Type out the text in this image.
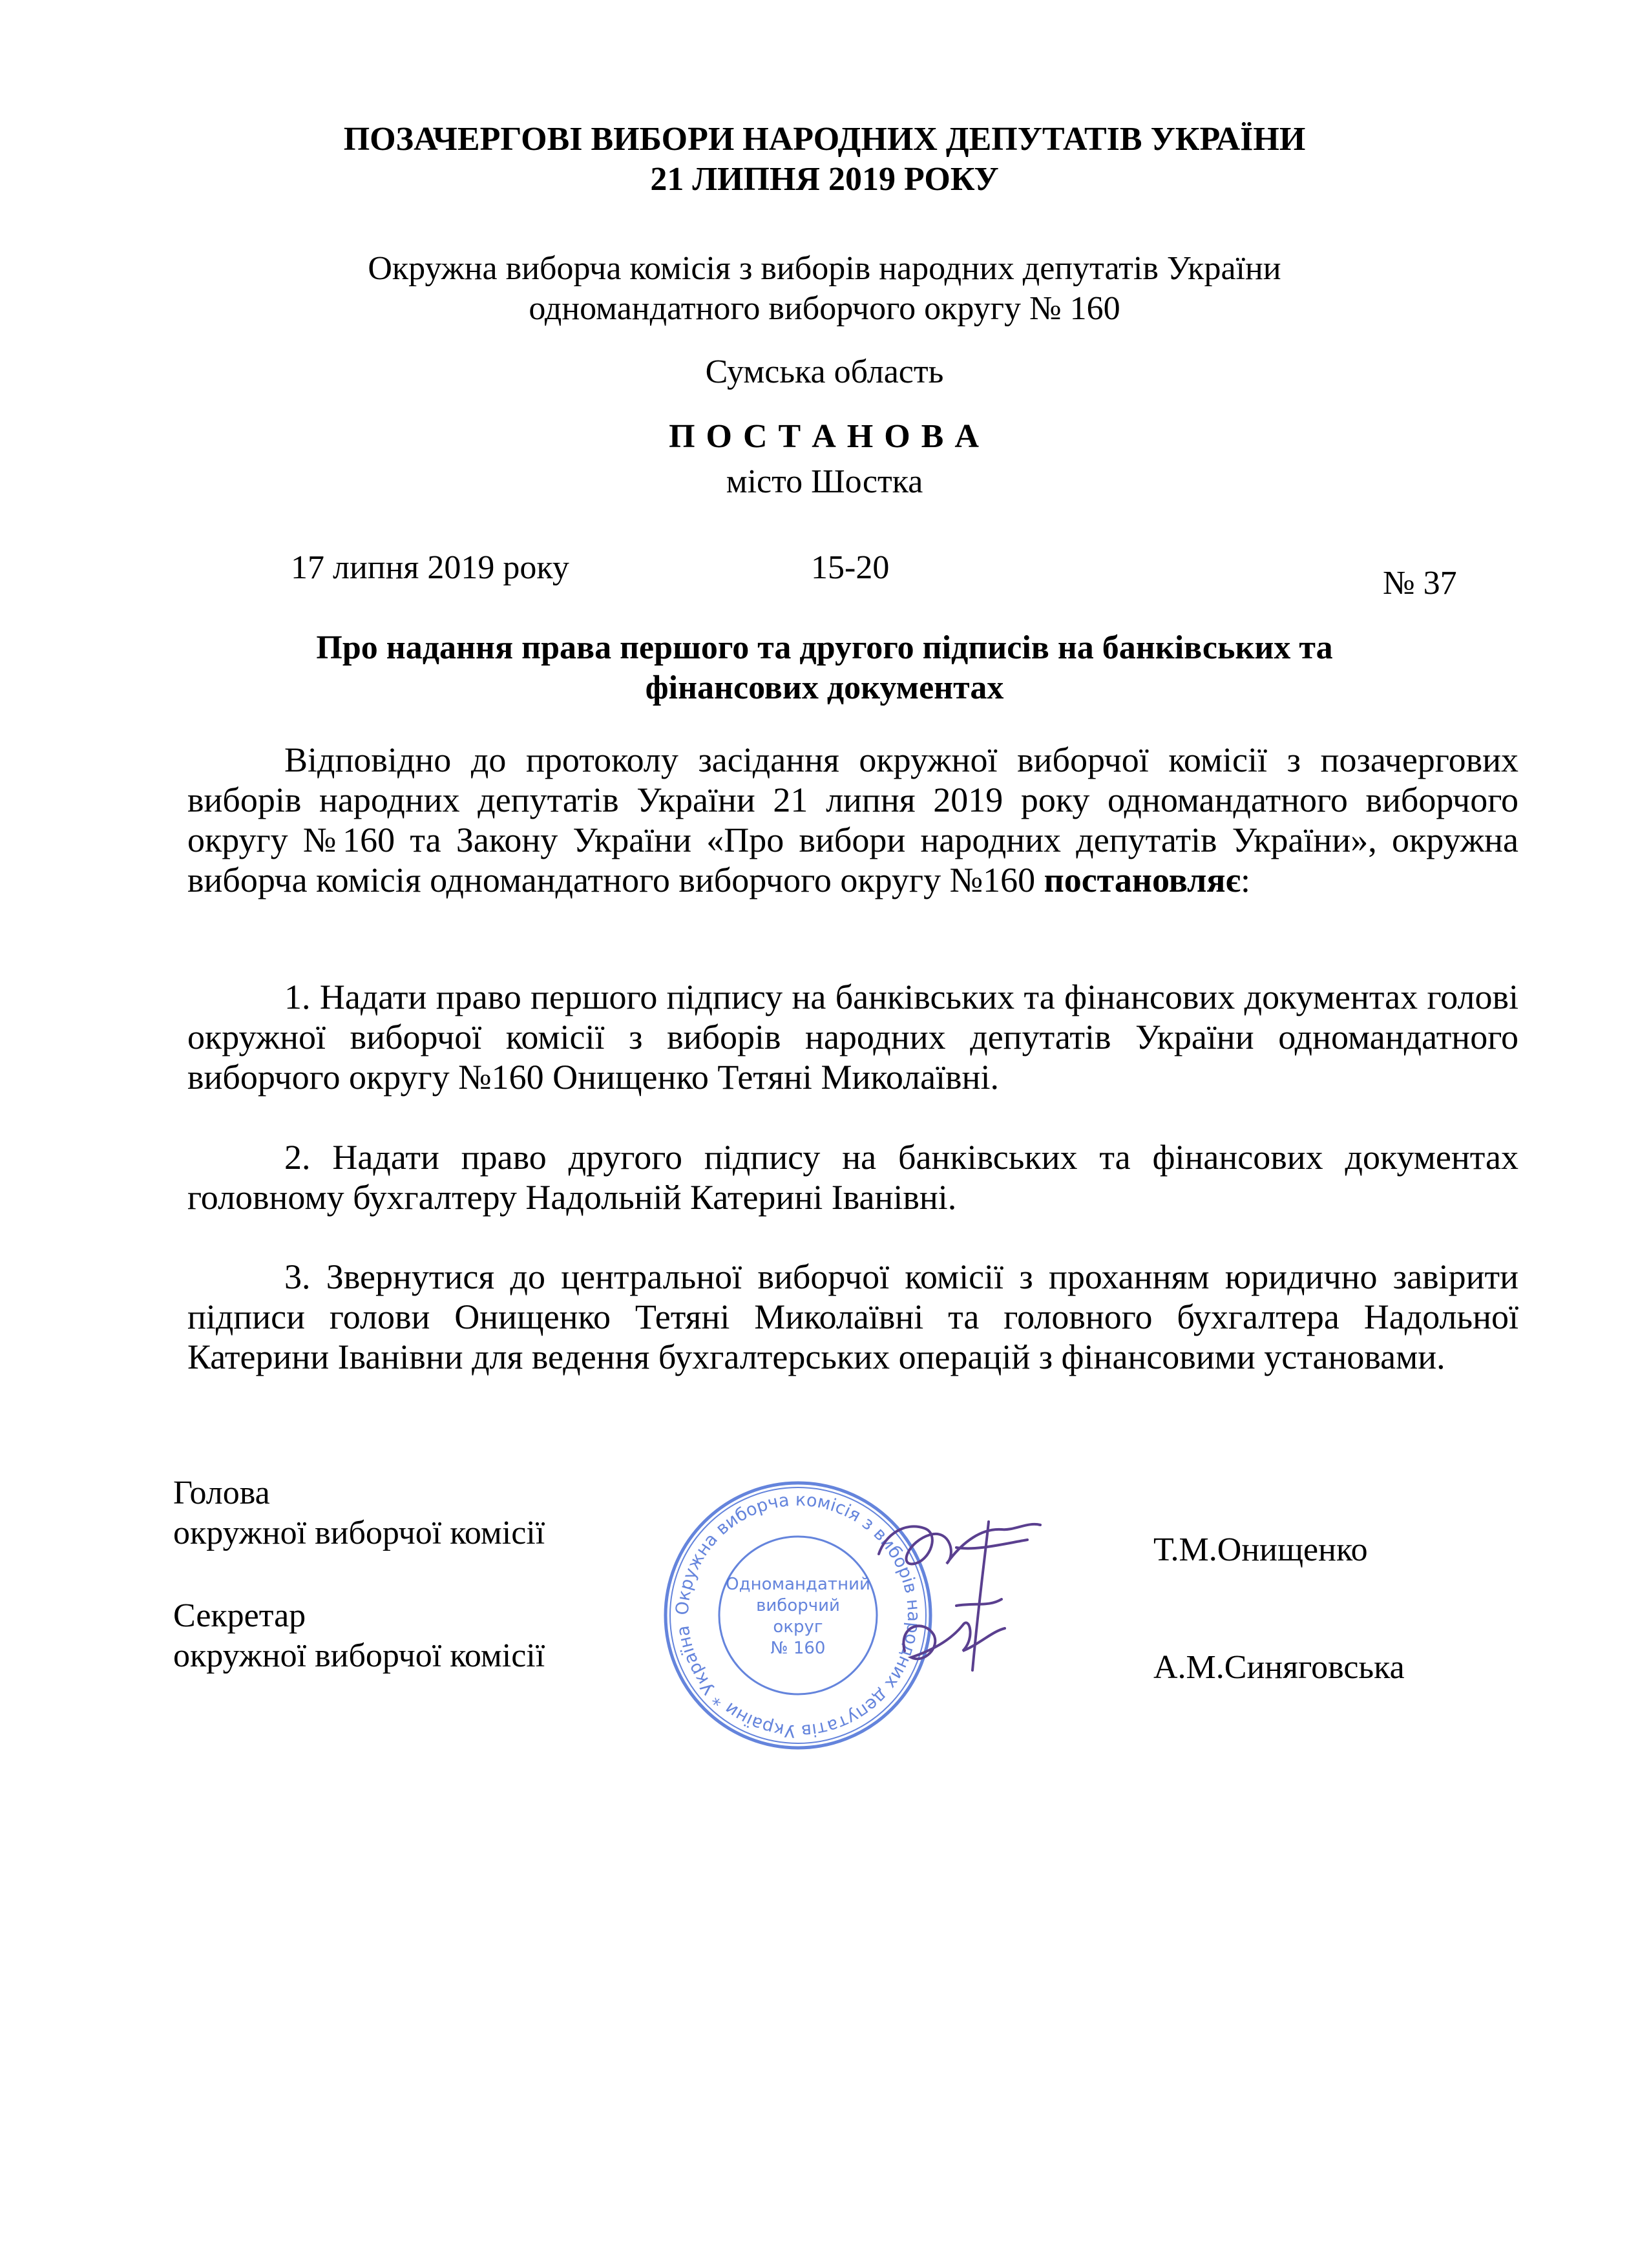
ПОЗАЧЕРГОВІ ВИБОРИ НАРОДНИХ ДЕПУТАТІВ УКРАЇНИ
21 ЛИПНЯ 2019 РОКУ
Окружна виборча комісія з виборів народних депутатів України
одномандатного виборчого округу № 160
Сумська область
П О С Т А Н О В А
місто Шостка
17 липня 2019 року	15-20	№ 37
Про надання права першого та другого підписів на банківських та
фінансових документах
Відповідно до протоколу засідання окружної виборчої комісії з позачергових виборів народних депутатів України 21 липня 2019 року одномандатного виборчого округу №160 та Закону України «Про вибори народних депутатів України», окружна виборча комісія одномандатного виборчого округу №160 постановляє:
1. Надати право першого підпису на банківських та фінансових документах голові окружної виборчої комісії з виборів народних депутатів України одномандатного виборчого округу №160 Онищенко Тетяні Миколаївні.
2. Надати право другого підпису на банківських та фінансових документах головному бухгалтеру Надольній Катерині Іванівні.
3. Звернутися до центральної виборчої комісії з проханням юридично завірити підписи голови Онищенко Тетяні Миколаївні та головного бухгалтера Надольної Катерини Іванівни для ведення бухгалтерських операцій з фінансовими установами.
Голова
окружної виборчої комісії	Т.М.Онищенко
Секретар
окружної виборчої комісії	А.М.Синяговська
Окружна виборча комісія з виборів народних депутатів України * Україна
Одномандатний
виборчий
округ
№ 160
